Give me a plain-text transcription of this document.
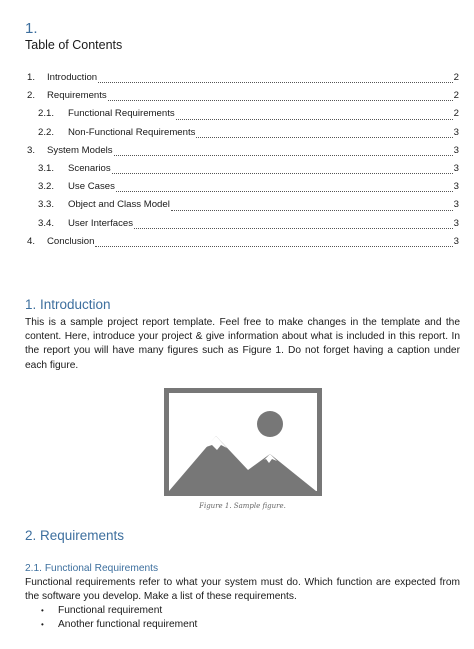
1.
Table of Contents
1.	Introduction	2
2.	Requirements	2
2.1.	Functional Requirements	2
2.2.	Non-Functional Requirements	3
3.	System Models	3
3.1.	Scenarios	3
3.2.	Use Cases	3
3.3.	Object and Class Model	3
3.4.	User Interfaces	3
4.	Conclusion	3
1. Introduction

This is a sample project report template. Feel free to make changes in the template and the content. Here, introduce your project & give information about what is included in this report. In the report you will have many figures such as Figure 1. Do not forget having a caption under each figure.

Figure 1. Sample figure.
2. Requirements
2.1. Functional Requirements

Functional requirements refer to what your system must do. Which function are expected from the software you develop. Make a list of these requirements.

• Functional requirement
• Another functional requirement
